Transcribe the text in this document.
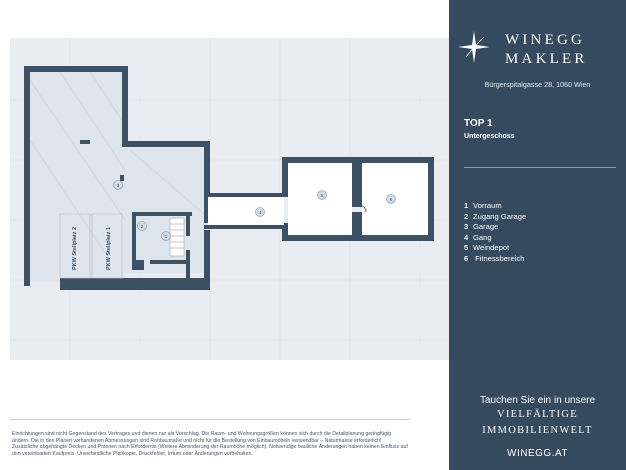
PKW Stellplatz 2	PKW Stellplatz 1
3
2
1
4
5
6
Einrichtungen sind nicht Gegenstand des Vertrages und dienen nur als Vorschlag. Die Raum- und Wohnungsgrößen können sich durch die Detailplanung geringfügig ändern. Die in den Plänen vorhandenen Abmessungen sind Rohbaumaße und nicht für die Bestellung von Einbaumöbeln verwendbar – Naturmasse erforderlich! Zusätzliche abgehängte Decken und Poterien nach Erfordernis (Weitere Abminderung der Raumhöhe möglich). Notwendige bauliche Änderungen haben keinen Einfluss auf den vereinbarten Kaufpreis. Unverbindliche Plankopie, Druckfehler, Irrtum oder Änderungen vorbehalten.
WINEGG
MAKLER
Bürgerspitalgasse 28, 1060 Wien
TOP 1
Untergeschoss
1 Vorraum
2 Zugang Garage
3 Garage
4 Gang
5 Weindepot
6 Fitnessbereich
Tauchen Sie ein in unsere
VIELFÄLTIGE
IMMOBILIENWELT
WINEGG.AT
